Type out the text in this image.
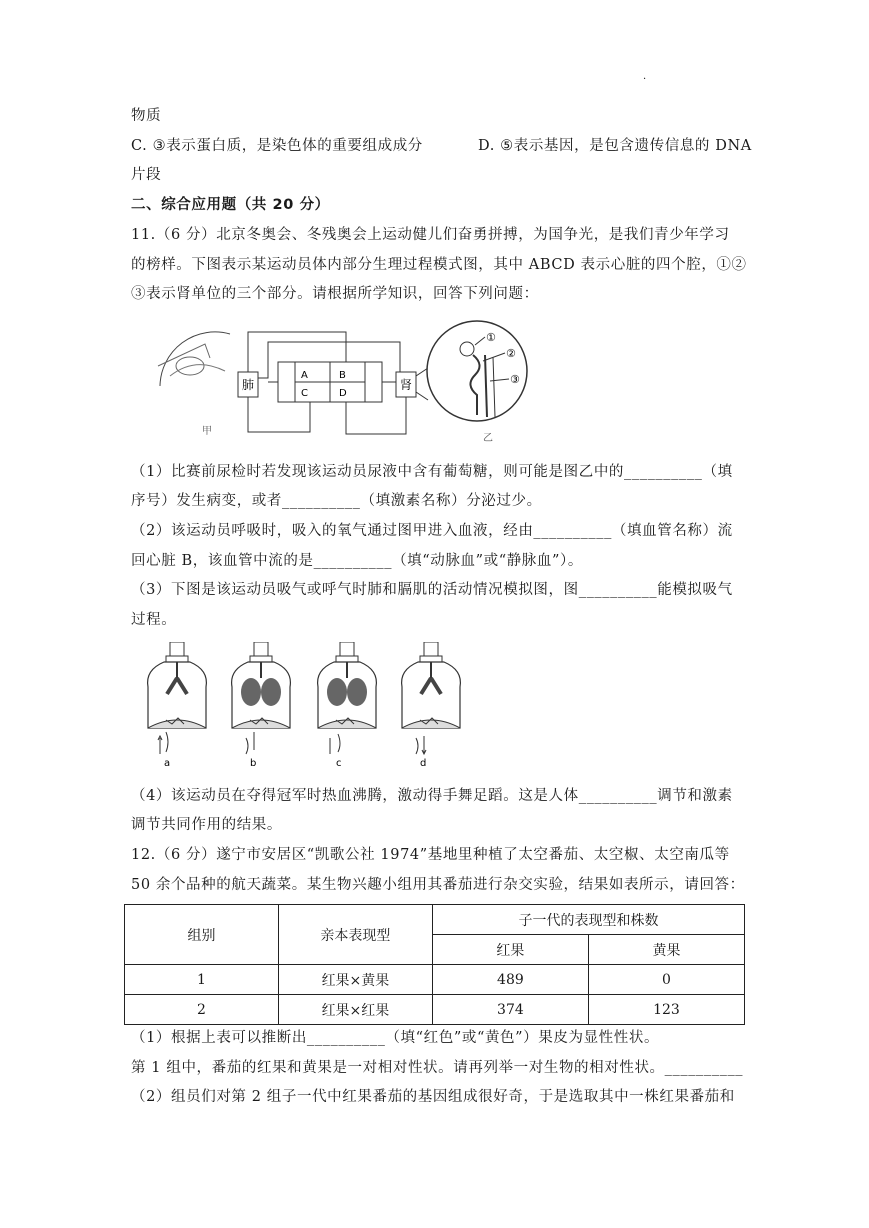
·
物质
C. ③表示蛋白质，是染色体的重要组成成分	D. ⑤表示基因，是包含遗传信息的 DNA
片段
二、综合应用题（共 20 分）
11.（6 分）北京冬奥会、冬残奥会上运动健儿们奋勇拼搏，为国争光，是我们青少年学习
的榜样。下图表示某运动员体内部分生理过程模式图，其中 ABCD 表示心脏的四个腔，①②
③表示肾单位的三个部分。请根据所学知识，回答下列问题：
肺
A
C
B
D
肾
甲
①
②
③
乙
（1）比赛前尿检时若发现该运动员尿液中含有葡萄糖，则可能是图乙中的__________（填
序号）发生病变，或者__________（填激素名称）分泌过少。
（2）该运动员呼吸时，吸入的氧气通过图甲进入血液，经由__________（填血管名称）流
回心脏 B，该血管中流的是__________（填“动脉血”或“静脉血”）。
（3）下图是该运动员吸气或呼气时肺和膈肌的活动情况模拟图，图__________能模拟吸气
过程。
a	b	c	d
（4）该运动员在夺得冠军时热血沸腾，激动得手舞足蹈。这是人体__________调节和激素
调节共同作用的结果。
12.（6 分）遂宁市安居区“凯歌公社 1974”基地里种植了太空番茄、太空椒、太空南瓜等
50 余个品种的航天蔬菜。某生物兴趣小组用其番茄进行杂交实验，结果如表所示，请回答：
组别	亲本表现型	子一代的表现型和株数	
		红果	黄果
1	红果×黄果	489	0
2	红果×红果	374	123
（1）根据上表可以推断出__________（填“红色”或“黄色”）果皮为显性性状。
第 1 组中，番茄的红果和黄果是一对相对性状。请再列举一对生物的相对性状。__________
（2）组员们对第 2 组子一代中红果番茄的基因组成很好奇，于是选取其中一株红果番茄和
